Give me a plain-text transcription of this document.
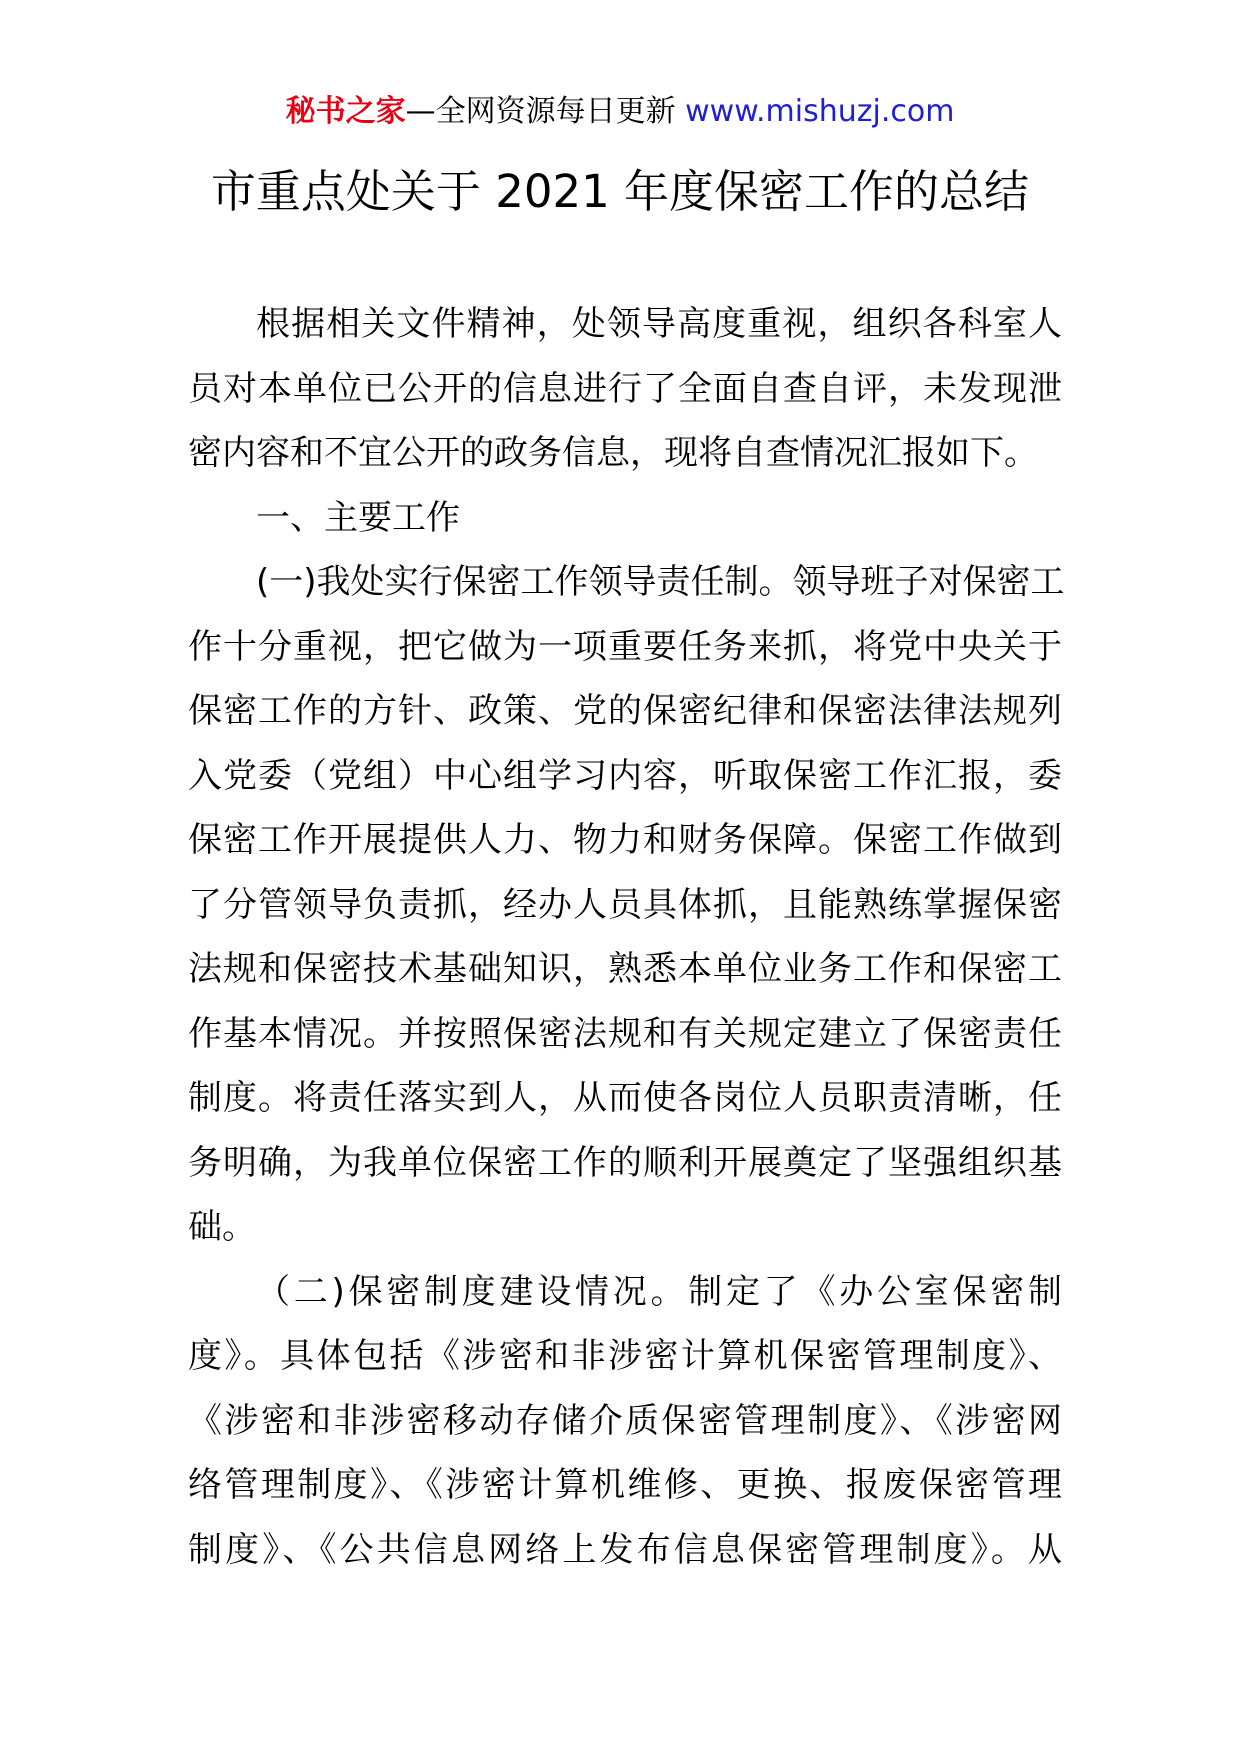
秘书之家—全网资源每日更新 www.mishuzj.com
市重点处关于 2021 年度保密工作的总结
根据相关文件精神，处领导高度重视，组织各科室人
员对本单位已公开的信息进行了全面自查自评，未发现泄
密内容和不宜公开的政务信息，现将自查情况汇报如下。
一、主要工作
(一)我处实行保密工作领导责任制。领导班子对保密工
作十分重视，把它做为一项重要任务来抓，将党中央关于
保密工作的方针、政策、党的保密纪律和保密法律法规列
入党委（党组）中心组学习内容，听取保密工作汇报，委
保密工作开展提供人力、物力和财务保障。保密工作做到
了分管领导负责抓，经办人员具体抓，且能熟练掌握保密
法规和保密技术基础知识，熟悉本单位业务工作和保密工
作基本情况。并按照保密法规和有关规定建立了保密责任
制度。将责任落实到人，从而使各岗位人员职责清晰，任
务明确，为我单位保密工作的顺利开展奠定了坚强组织基
础。
（二)保密制度建设情况。制定了《办公室保密制
度》。具体包括《涉密和非涉密计算机保密管理制度》、
《涉密和非涉密移动存储介质保密管理制度》、《涉密网
络管理制度》、《涉密计算机维修、更换、报废保密管理
制度》、《公共信息网络上发布信息保密管理制度》。从
